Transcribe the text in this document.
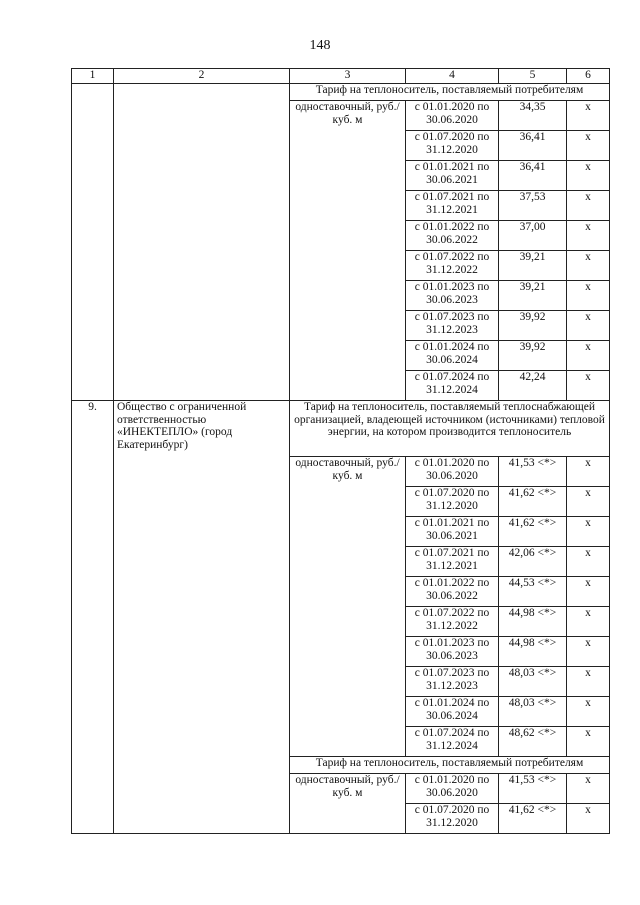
148
1	2	3	4	5	6
		Тариф на теплоноситель, поставляемый потребителям			
		одноставочный, руб./куб. м	с 01.01.2020 по 30.06.2020	34,35	х
			с 01.07.2020 по 31.12.2020	36,41	х
			с 01.01.2021 по 30.06.2021	36,41	х
			с 01.07.2021 по 31.12.2021	37,53	х
			с 01.01.2022 по 30.06.2022	37,00	х
			с 01.07.2022 по 31.12.2022	39,21	х
			с 01.01.2023 по 30.06.2023	39,21	х
			с 01.07.2023 по 31.12.2023	39,92	х
			с 01.01.2024 по 30.06.2024	39,92	х
			с 01.07.2024 по 31.12.2024	42,24	х
9.	Общество с ограниченной ответственностью «ИНЕКТЕПЛО» (город Екатеринбург)	Тариф на теплоноситель, поставляемый теплоснабжающей организацией, владеющей источником (источниками) тепловой энергии, на котором производится теплоноситель			
		одноставочный, руб./куб. м	с 01.01.2020 по 30.06.2020	41,53 <*>	х
			с 01.07.2020 по 31.12.2020	41,62 <*>	х
			с 01.01.2021 по 30.06.2021	41,62 <*>	х
			с 01.07.2021 по 31.12.2021	42,06 <*>	х
			с 01.01.2022 по 30.06.2022	44,53 <*>	х
			с 01.07.2022 по 31.12.2022	44,98 <*>	х
			с 01.01.2023 по 30.06.2023	44,98 <*>	х
			с 01.07.2023 по 31.12.2023	48,03 <*>	х
			с 01.01.2024 по 30.06.2024	48,03 <*>	х
			с 01.07.2024 по 31.12.2024	48,62 <*>	х
		Тариф на теплоноситель, поставляемый потребителям			
		одноставочный, руб./куб. м	с 01.01.2020 по 30.06.2020	41,53 <*>	х
			с 01.07.2020 по 31.12.2020	41,62 <*>	х
